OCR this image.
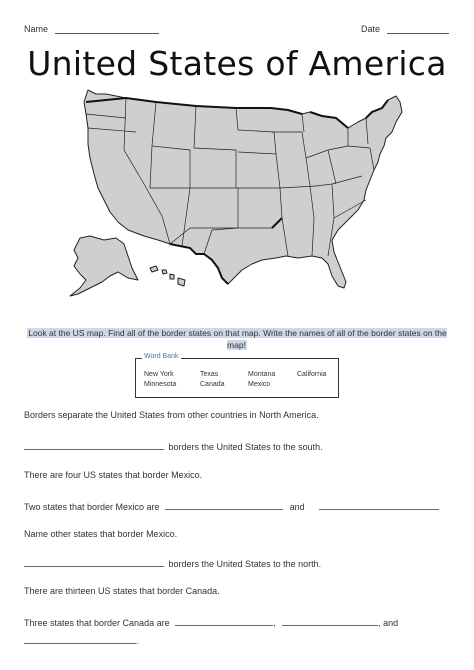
Name	Date
United States of America
Look at the US map. Find all of the border states on that map. Write the names of all of the border states on the map!
Word Bank
New York	Texas	Montana	California
Minnesota	Canada	Mexico
Borders separate the United States from other countries in North America.
borders the United States to the south.
There are four US states that border Mexico.
Two states that border Mexico are	and
Name other states that border Mexico.
borders the United States to the north.
There are thirteen US states that border Canada.
Three states that border Canada are	,	, and
.
